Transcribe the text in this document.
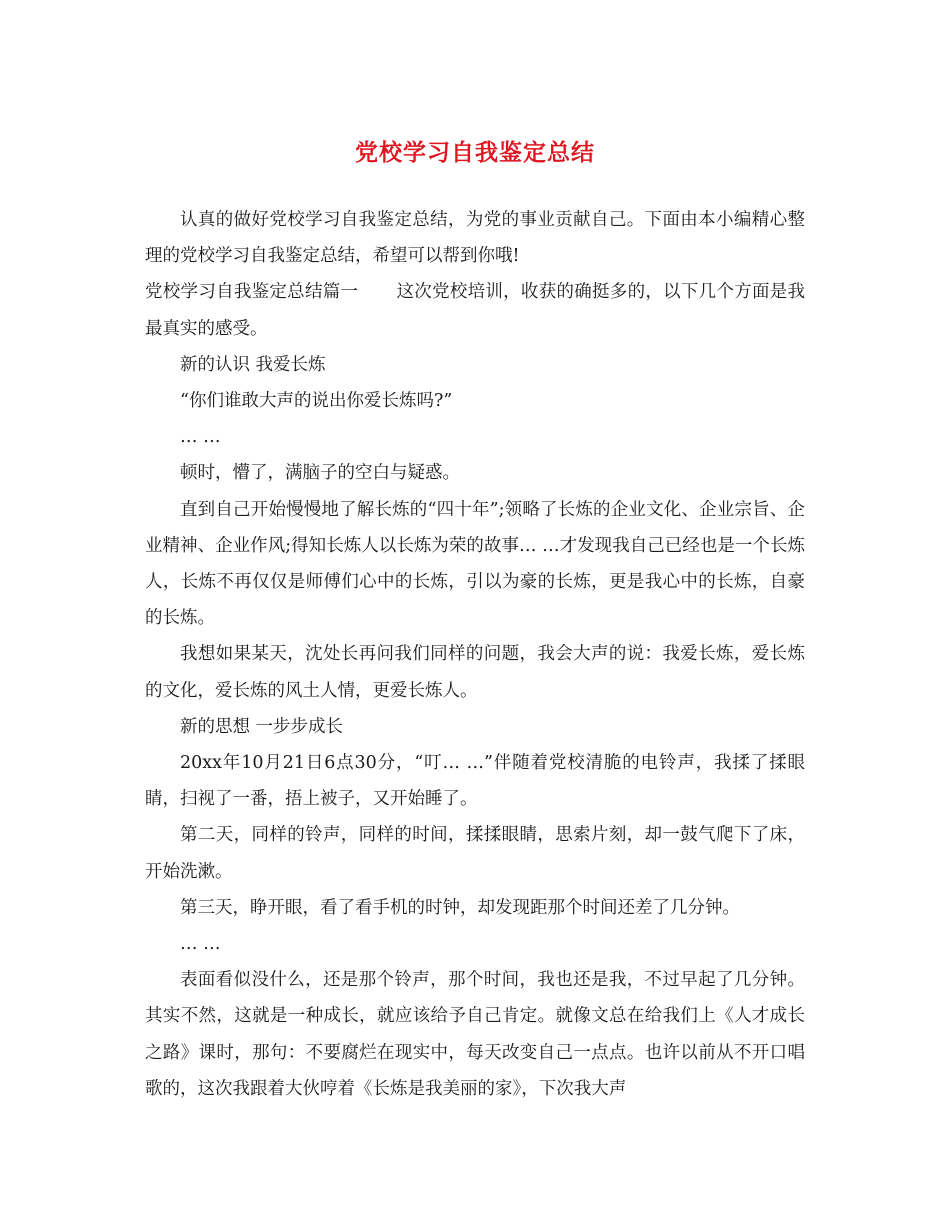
党校学习自我鉴定总结

认真的做好党校学习自我鉴定总结，为党的事业贡献自己。下面由本小编精心整理的党校学习自我鉴定总结，希望可以帮到你哦!

党校学习自我鉴定总结篇一 这次党校培训，收获的确挺多的，以下几个方面是我最真实的感受。

新的认识 我爱长炼

“你们谁敢大声的说出你爱长炼吗?”

… …

顿时，懵了，满脑子的空白与疑惑。

直到自己开始慢慢地了解长炼的“四十年”;领略了长炼的企业文化、企业宗旨、企业精神、企业作风;得知长炼人以长炼为荣的故事… …才发现我自己已经也是一个长炼人，长炼不再仅仅是师傅们心中的长炼，引以为豪的长炼，更是我心中的长炼，自豪的长炼。

我想如果某天，沈处长再问我们同样的问题，我会大声的说：我爱长炼，爱长炼的文化，爱长炼的风土人情，更爱长炼人。

新的思想 一步步成长

20xx年10月21日6点30分，“叮… …”伴随着党校清脆的电铃声，我揉了揉眼睛，扫视了一番，捂上被子，又开始睡了。

第二天，同样的铃声，同样的时间，揉揉眼睛，思索片刻，却一鼓气爬下了床，开始洗漱。

第三天，睁开眼，看了看手机的时钟，却发现距那个时间还差了几分钟。

… …

表面看似没什么，还是那个铃声，那个时间，我也还是我，不过早起了几分钟。其实不然，这就是一种成长，就应该给予自己肯定。就像文总在给我们上《人才成长之路》课时，那句：不要腐烂在现实中，每天改变自己一点点。也许以前从不开口唱歌的，这次我跟着大伙哼着《长炼是我美丽的家》，下次我大声
